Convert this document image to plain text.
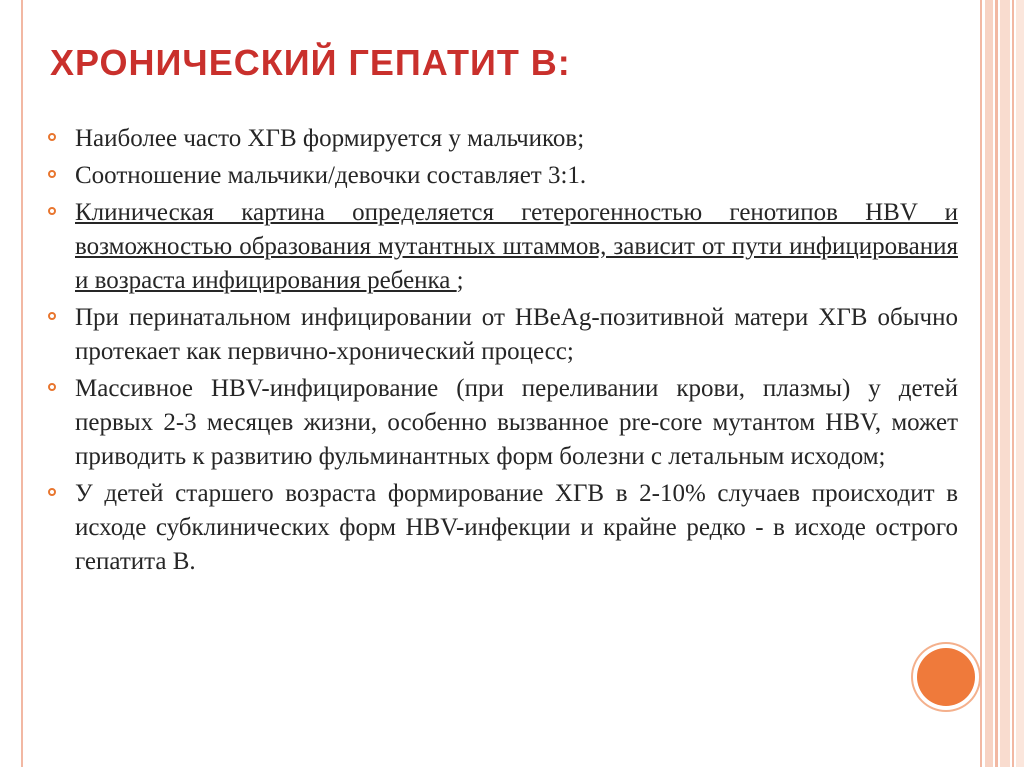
ХРОНИЧЕСКИЙ ГЕПАТИТ В:
Наиболее часто ХГВ формируется у мальчиков;
Соотношение мальчики/девочки составляет 3:1.
Клиническая картина определяется гетерогенностью генотипов HBV и возможностью образования мутантных штаммов, зависит от пути инфицирования и возраста инфицирования ребенка ;
При перинатальном инфицировании от HBeAg-позитивной матери ХГВ обычно протекает как первично-хронический процесс;
Массивное HBV-инфицирование (при переливании крови, плазмы) у детей первых 2-3 месяцев жизни, особенно вызванное pre-core мутантом HBV, может приводить к развитию фульминантных форм болезни с летальным исходом;
У детей старшего возраста формирование ХГВ в 2-10% случаев происходит в исходе субклинических форм HBV-инфекции и крайне редко - в исходе острого гепатита В.
